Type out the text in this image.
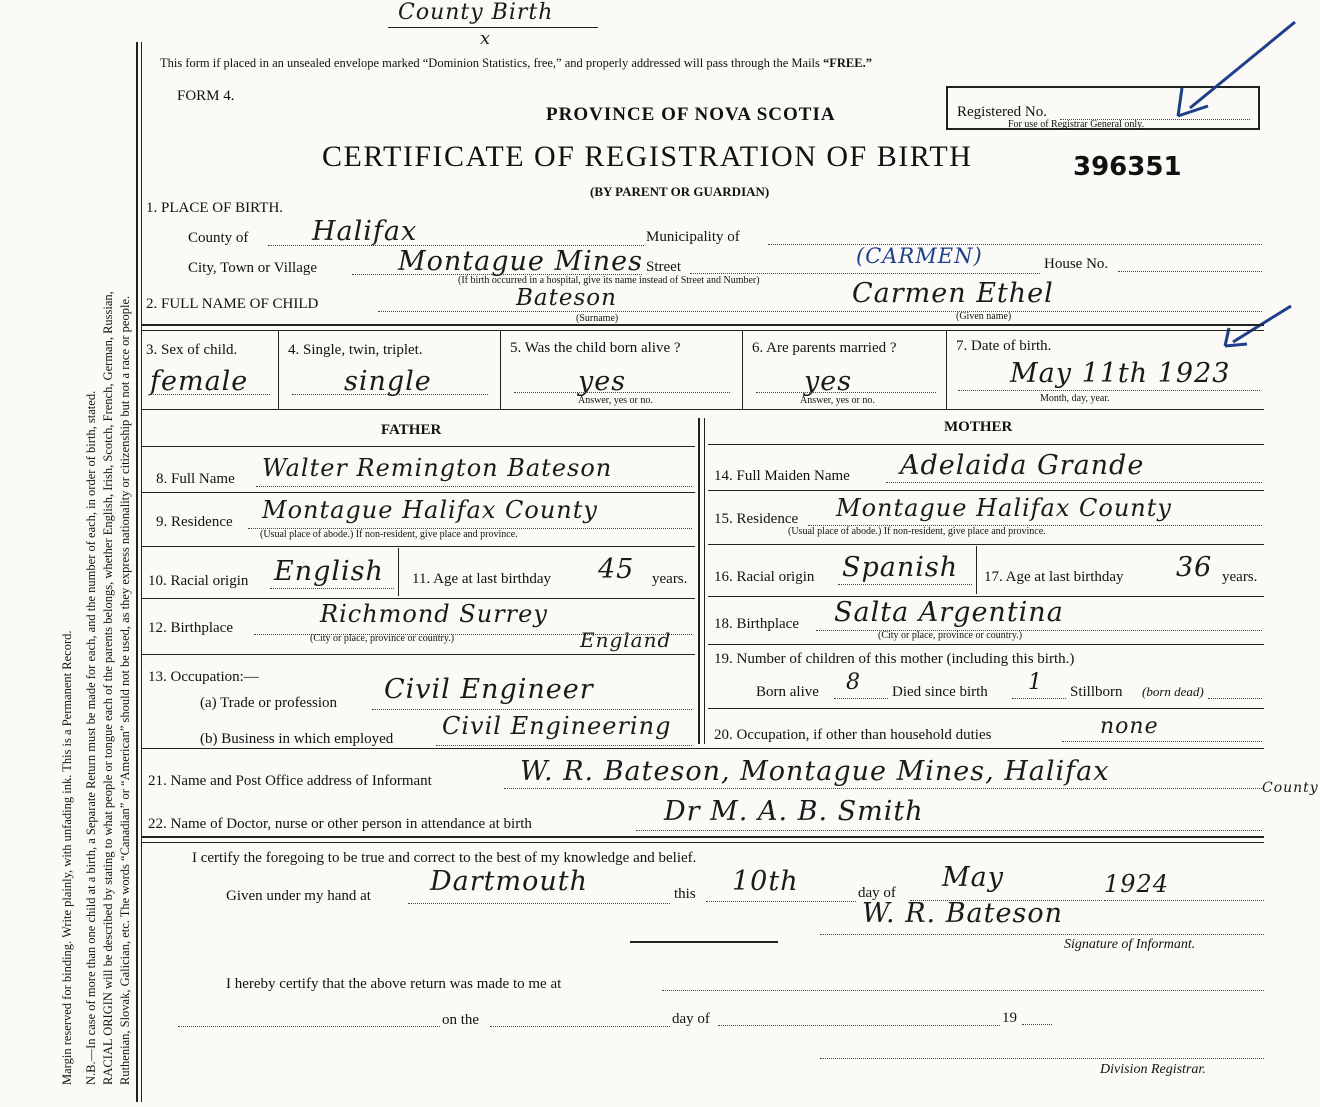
Margin reserved for binding. Write plainly, with unfading ink. This is a Permanent Record. N.B.—In case of more than one child at a birth, a Separate Return must be made for each, and the number of each, in order of birth, stated. RACIAL ORIGIN will be described by stating to what people or tongue each of the parents belongs, whether English, Irish, Scotch, French, German, Russian, Ruthenian, Slovak, Galician, etc. The words “Canadian” or “American” should not be used, as they express nationality or citizenship but not a race or people.
County Birth
x
This form if placed in an unsealed envelope marked “Dominion Statistics, free,” and properly addressed will pass through the Mails “FREE.”
FORM 4.
PROVINCE OF NOVA SCOTIA	Registered No.
For use of Registrar General only.
CERTIFICATE OF REGISTRATION OF BIRTH	396351
(BY PARENT OR GUARDIAN)
1. PLACE OF BIRTH.
County of Halifax	Municipality of
City, Town or Village	Montague Mines Street	(CARMEN)	House No.
(If birth occurred in a hospital, give its name instead of Street and Number)
2. FULL NAME OF CHILD	Bateson
(Surname)
Carmen Ethel
(Given name)
3. Sex of child.
female
4. Single, twin, triplet.
single
5. Was the child born alive ?
yes
Answer, yes or no.
6. Are parents married ?
yes
Answer, yes or no.
7. Date of birth.
May 11th 1923
Month, day, year.
FATHER	MOTHER
8. Full Name Walter Remington Bateson
9. Residence Montague Halifax County
(Usual place of abode.) If non-resident, give place and province.
10. Racial origin English 11. Age at last birthday 45 years.
12. Birthplace	Richmond Surrey
(City or place, province or country.)	England
13. Occupation:—
(a) Trade or profession Civil Engineer
(b) Business in which employed Civil Engineering
14. Full Maiden Name Adelaida Grande
15. Residence Montague Halifax County
(Usual place of abode.) If non-resident, give place and province.
16. Racial origin Spanish 17. Age at last birthday 36 years.
18. Birthplace Salta Argentina
(City or place, province or country.)
19. Number of children of this mother (including this birth.)
Born alive 8 Died since birth 1 Stillborn (born dead)
20. Occupation, if other than household duties	none
21. Name and Post Office address of Informant	W. R. Bateson, Montague Mines, Halifax
County
22. Name of Doctor, nurse or other person in attendance at birth	Dr M. A. B. Smith
I certify the foregoing to be true and correct to the best of my knowledge and belief.
Given under my hand at Dartmouth	this 10th	day of May	1924
W. R. Bateson
Signature of Informant.
I hereby certify that the above return was made to me at
on the	day of	19
Division Registrar.
